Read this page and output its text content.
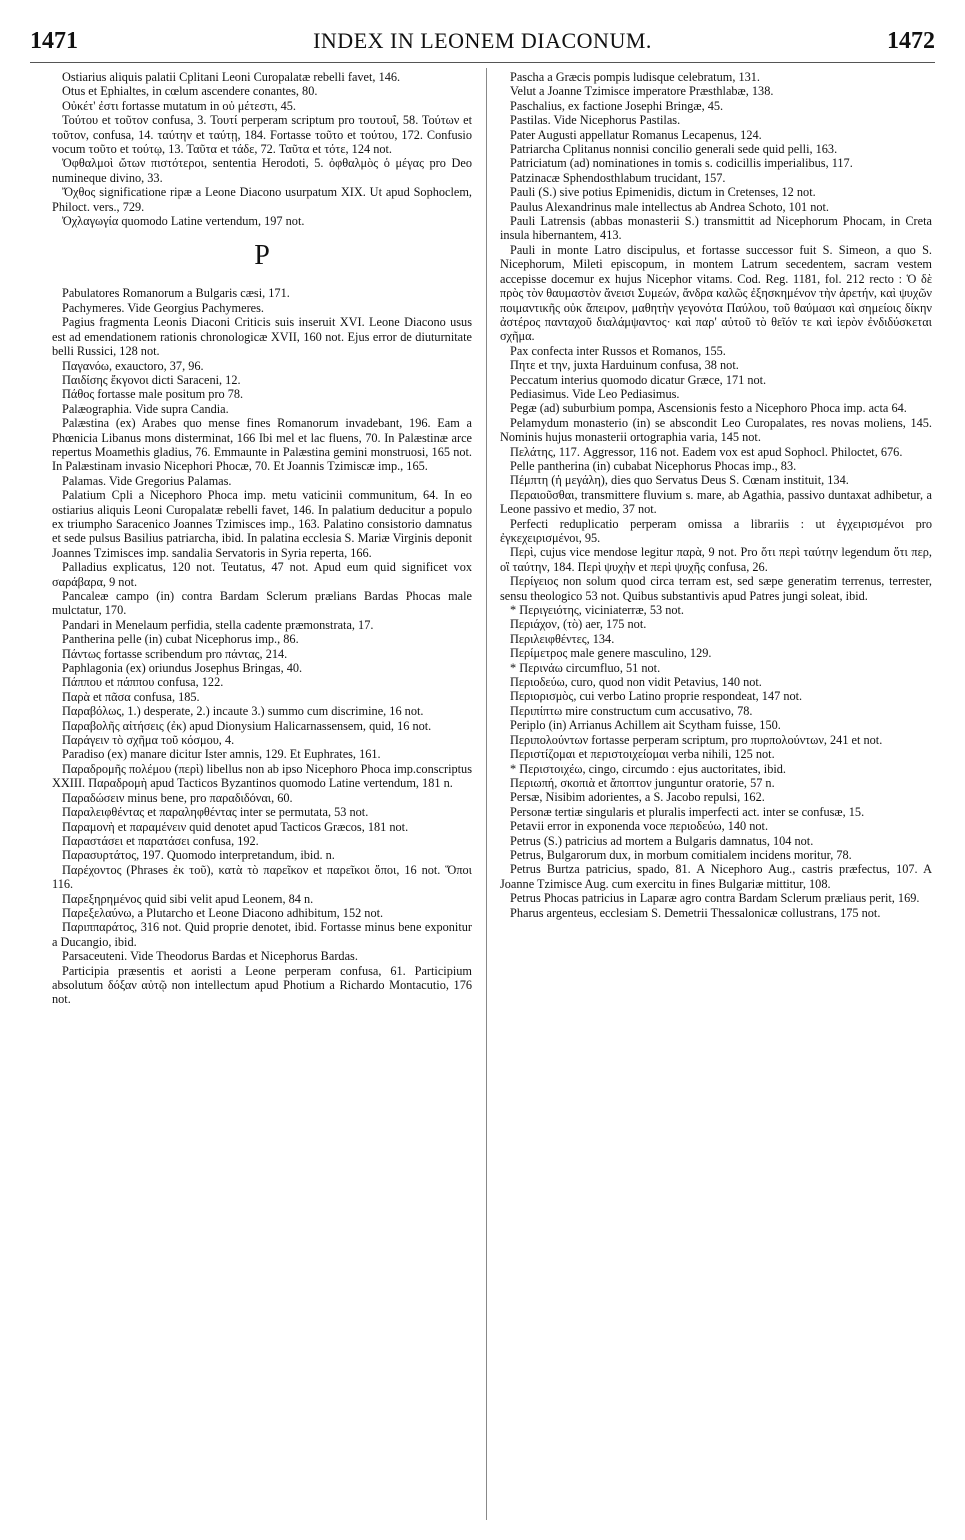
1471	INDEX IN LEONEM DIACONUM.	1472

Ostiarius aliquis palatii Cplitani Leoni Curopalatæ rebelli favet, 146.

Otus et Ephialtes, in cœlum ascendere conantes, 80.

Οὐκέτ' ἐστι fortasse mutatum in οὐ μέτεστι, 45.

Τούτου et τοῦτον confusa, 3. Τουτί perperam scriptum pro τουτουΐ, 58. Τούτων et τοῦτον, confusa, 14. ταύτην et ταύτῃ, 184. Fortasse τοῦτο et τούτου, 172. Confusio vocum τοῦτο et τούτῳ, 13. Ταῦτα et τάδε, 72. Ταῦτα et τότε, 124 not.

Ὀφθαλμοὶ ὤτων πιστότεροι, sententia Herodoti, 5. ὀφθαλμὸς ὁ μέγας pro Deo numineque divino, 33.

Ὄχθος significatione ripæ a Leone Diacono usurpatum XIX. Ut apud Sophoclem, Philoct. vers., 729.

Ὀχλαγωγία quomodo Latine vertendum, 197 not.

P

Pabulatores Romanorum a Bulgaris cæsi, 171.

Pachymeres. Vide Georgius Pachymeres.

Pagius fragmenta Leonis Diaconi Criticis suis inseruit XVI. Leone Diacono usus est ad emendationem rationis chronologicæ XVII, 160 not. Ejus error de diuturnitate belli Russici, 128 not.

Παγανόω, exauctoro, 37, 96.

Παιδίσης ἔκγονοι dicti Saraceni, 12.

Πάθος fortasse male positum pro 78.

Palæographia. Vide supra Candia.

Palæstina (ex) Arabes quo mense fines Romanorum invadebant, 196. Eam a Phœnicia Libanus mons disterminat, 166 Ibi mel et lac fluens, 70. In Palæstinæ arce repertus Moamethis gladius, 76. Emmaunte in Palæstina gemini monstruosi, 165 not. In Palæstinam invasio Nicephori Phocæ, 70. Et Joannis Tzimiscæ imp., 165.

Palamas. Vide Gregorius Palamas.

Palatium Cpli a Nicephoro Phoca imp. metu vaticinii communitum, 64. In eo ostiarius aliquis Leoni Curopalatæ rebelli favet, 146. In palatium deducitur a populo ex triumpho Saracenico Joannes Tzimisces imp., 163. Palatino consistorio damnatus et sede pulsus Basilius patriarcha, ibid. In palatina ecclesia S. Mariæ Virginis deponit Joannes Tzimisces imp. sandalia Servatoris in Syria reperta, 166.

Palladius explicatus, 120 not. Teutatus, 47 not. Apud eum quid significet vox σαράβαρα, 9 not.

Pancaleæ campo (in) contra Bardam Sclerum prælians Bardas Phocas male mulctatur, 170.

Pandari in Menelaum perfidia, stella cadente præmonstrata, 17.

Pantherina pelle (in) cubat Nicephorus imp., 86.

Πάντως fortasse scribendum pro πάντας, 214.

Paphlagonia (ex) oriundus Josephus Bringas, 40.

Πάππου et πάππου confusa, 122.

Παρὰ et πᾶσα confusa, 185.

Παραβόλως, 1.) desperate, 2.) incaute 3.) summo cum discrimine, 16 not.

Παραβολῆς αἰτήσεις (ἐκ) apud Dionysium Halicarnassensem, quid, 16 not.

Παράγειν τὸ σχῆμα τοῦ κόσμου, 4.

Paradiso (ex) manare dicitur Ister amnis, 129. Et Euphrates, 161.

Παραδρομῆς πολέμου (περὶ) libellus non ab ipso Nicephoro Phoca imp.conscriptus XXIII. Παραδρομὴ apud Tacticos Byzantinos quomodo Latine vertendum, 181 n.

Παραδώσειν minus bene, pro παραδιδόναι, 60.

Παραλειφθέντας et παραληφθέντας inter se permutata, 53 not.

Παραμονὴ et παραμένειν quid denotet apud Tacticos Græcos, 181 not.

Παραστάσει et παρατάσει confusa, 192.

Παρασυρτάτος, 197. Quomodo interpretandum, ibid. n.

Παρέχοντος (Phrases ἐκ τοῦ), κατὰ τὸ παρεῖκον et παρεῖκοι ὅποι, 16 not. Ὅποι 116.

Παρεξηρημένος quid sibi velit apud Leonem, 84 n.

Παρεξελαύνω, a Plutarcho et Leone Diacono adhibitum, 152 not.

Παριππαράτος, 316 not. Quid proprie denotet, ibid. Fortasse minus bene exponitur a Ducangio, ibid.

Parsaceuteni. Vide Theodorus Bardas et Nicephorus Bardas.

Participia præsentis et aoristi a Leone perperam confusa, 61. Participium absolutum δόξαν αὐτῷ non intellectum apud Photium a Richardo Montacutio, 176 not.

Pascha a Græcis pompis ludisque celebratum, 131.

Velut a Joanne Tzimisce imperatore Præsthlabæ, 138.

Paschalius, ex factione Josephi Bringæ, 45.

Pastilas. Vide Nicephorus Pastilas.

Pater Augusti appellatur Romanus Lecapenus, 124.

Patriarcha Cplitanus nonnisi concilio generali sede quid pelli, 163.

Patriciatum (ad) nominationes in tomis s. codicillis imperialibus, 117.

Patzinacæ Sphendosthlabum trucidant, 157.

Pauli (S.) sive potius Epimenidis, dictum in Cretenses, 12 not.

Paulus Alexandrinus male intellectus ab Andrea Schoto, 101 not.

Pauli Latrensis (abbas monasterii S.) transmittit ad Nicephorum Phocam, in Creta insula hibernantem, 413.

Pauli in monte Latro discipulus, et fortasse successor fuit S. Simeon, a quo S. Nicephorum, Mileti episcopum, in montem Latrum secedentem, sacram vestem accepisse docemur ex hujus Nicephor vitams. Cod. Reg. 1181, fol. 212 recto : Ὁ δὲ πρὸς τὸν θαυμαστὸν ἄνεισι Συμεών, ἄνδρα καλῶς ἐξησκημένον τὴν ἀρετήν, καὶ ψυχῶν ποιμαντικῆς οὐκ ἄπειρον, μαθητὴν γεγονότα Παύλου, τοῦ θαύμασι καὶ σημείοις δίκην ἀστέρος πανταχοῦ διαλάμψαντος· καὶ παρ' αὐτοῦ τὸ θεῖόν τε καὶ ἱερὸν ἐνδιδύσκεται σχῆμα.

Pax confecta inter Russos et Romanos, 155.

Πητε et την, juxta Harduinum confusa, 38 not.

Peccatum interius quomodo dicatur Græce, 171 not.

Pediasimus. Vide Leo Pediasimus.

Pegæ (ad) suburbium pompa, Ascensionis festo a Nicephoro Phoca imp. acta 64.

Pelamydum monasterio (in) se abscondit Leo Curopalates, res novas moliens, 145. Nominis hujus monasterii ortographia varia, 145 not.

Πελάτης, 117. Aggressor, 116 not. Eadem vox est apud Sophocl. Philoctet, 676.

Pelle pantherina (in) cubabat Nicephorus Phocas imp., 83.

Πέμπτη (ἡ μεγάλη), dies quo Servatus Deus S. Cœnam instituit, 134.

Περαιοῦσθαι, transmittere fluvium s. mare, ab Agathia, passivo duntaxat adhibetur, a Leone passivo et medio, 37 not.

Perfecti reduplicatio perperam omissa a librariis : ut ἐγχειρισμένοι pro ἐγκεχειρισμένοι, 95.

Περὶ, cujus vice mendose legitur παρὰ, 9 not. Pro ὅτι περὶ ταύτην legendum ὅτι περ, οἳ ταύτην, 184. Περὶ ψυχὴν et περὶ ψυχῆς confusa, 26.

Περίγειος non solum quod circa terram est, sed sæpe generatim terrenus, terrester, sensu theologico 53 not. Quibus substantivis apud Patres jungi soleat, ibid.

* Περιγειότης, viciniaterræ, 53 not.

Περιάχον, (τὸ) aer, 175 not.

Περιλειφθέντες, 134.

Περίμετρος male genere masculino, 129.

* Περινάω circumfluo, 51 not.

Περιοδεύω, curo, quod non vidit Petavius, 140 not.

Περιορισμὸς, cui verbo Latino proprie respondeat, 147 not.

Περιπίπτω mire constructum cum accusativo, 78.

Periplo (in) Arrianus Achillem ait Scytham fuisse, 150.

Περιπολούντων fortasse perperam scriptum, pro πυρπολούντων, 241 et not.

Περιστίζομαι et περιστοιχείομαι verba nihili, 125 not.

* Περιστοιχέω, cingo, circumdo : ejus auctoritates, ibid.

Περιωπή, σκοπιὰ et ἄποπτον junguntur oratorie, 57 n.

Persæ, Nisibim adorientes, a S. Jacobo repulsi, 162.

Personæ tertiæ singularis et pluralis imperfecti act. inter se confusæ, 15.

Petavii error in exponenda voce περιοδεύω, 140 not.

Petrus (S.) patricius ad mortem a Bulgaris damnatus, 104 not.

Petrus, Bulgarorum dux, in morbum comitialem incidens moritur, 78.

Petrus Burtza patricius, spado, 81. A Nicephoro Aug., castris præfectus, 107. A Joanne Tzimisce Aug. cum exercitu in fines Bulgariæ mittitur, 108.

Petrus Phocas patricius in Laparæ agro contra Bardam Sclerum præliaus perit, 169.

Pharus argenteus, ecclesiam S. Demetrii Thessalonicæ collustrans, 175 not.
